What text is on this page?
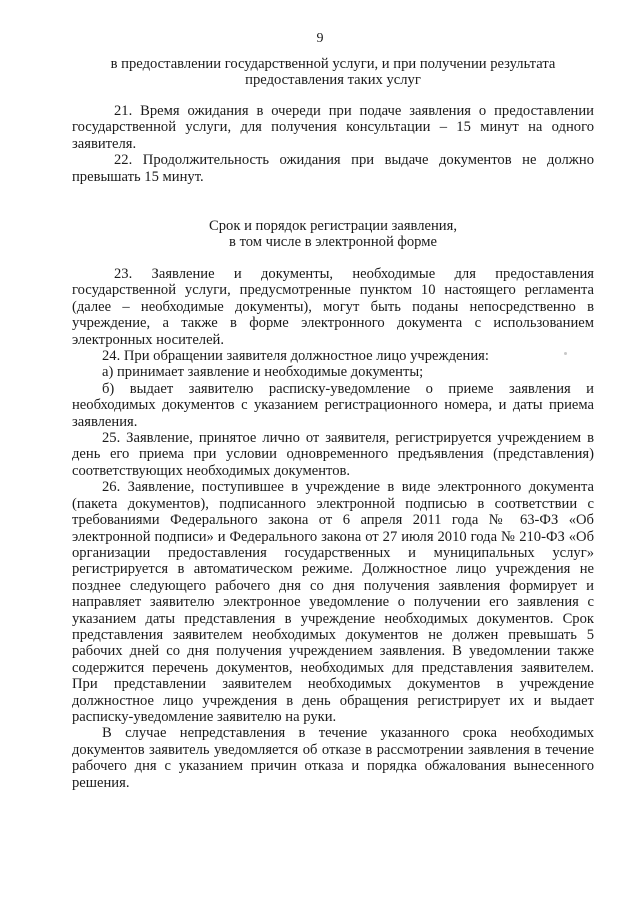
9

в предоставлении государственной услуги, и при получении результата

предоставления таких услуг

21. Время ожидания в очереди при подаче заявления о предоставлении государственной услуги, для получения консультации – 15 минут на одного заявителя.

22. Продолжительность ожидания при выдаче документов не должно превышать 15 минут.

Срок и порядок регистрации заявления,

в том числе в электронной форме

23. Заявление и документы, необходимые для предоставления государственной услуги, предусмотренные пунктом 10 настоящего регламента (далее – необходимые документы), могут быть поданы непосредственно в учреждение, а также в форме электронного документа с использованием электронных носителей.

24. При обращении заявителя должностное лицо учреждения:

а) принимает заявление и необходимые документы;

б) выдает заявителю расписку-уведомление о приеме заявления и необходимых документов с указанием регистрационного номера, и даты приема заявления.

25. Заявление, принятое лично от заявителя, регистрируется учреждением в день его приема при условии одновременного предъявления (представления) соответствующих необходимых документов.

26. Заявление, поступившее в учреждение в виде электронного документа (пакета документов), подписанного электронной подписью в соответствии с требованиями Федерального закона от 6 апреля 2011 года № 63-ФЗ «Об электронной подписи» и Федерального закона от 27 июля 2010 года № 210-ФЗ «Об организации предоставления государственных и муниципальных услуг» регистрируется в автоматическом режиме. Должностное лицо учреждения не позднее следующего рабочего дня со дня получения заявления формирует и направляет заявителю электронное уведомление о получении его заявления с указанием даты представления в учреждение необходимых документов. Срок представления заявителем необходимых документов не должен превышать 5 рабочих дней со дня получения учреждением заявления. В уведомлении также содержится перечень документов, необходимых для представления заявителем. При представлении заявителем необходимых документов в учреждение должностное лицо учреждения в день обращения регистрирует их и выдает расписку-уведомление заявителю на руки.

В случае непредставления в течение указанного срока необходимых документов заявитель уведомляется об отказе в рассмотрении заявления в течение рабочего дня с указанием причин отказа и порядка обжалования вынесенного решения.
